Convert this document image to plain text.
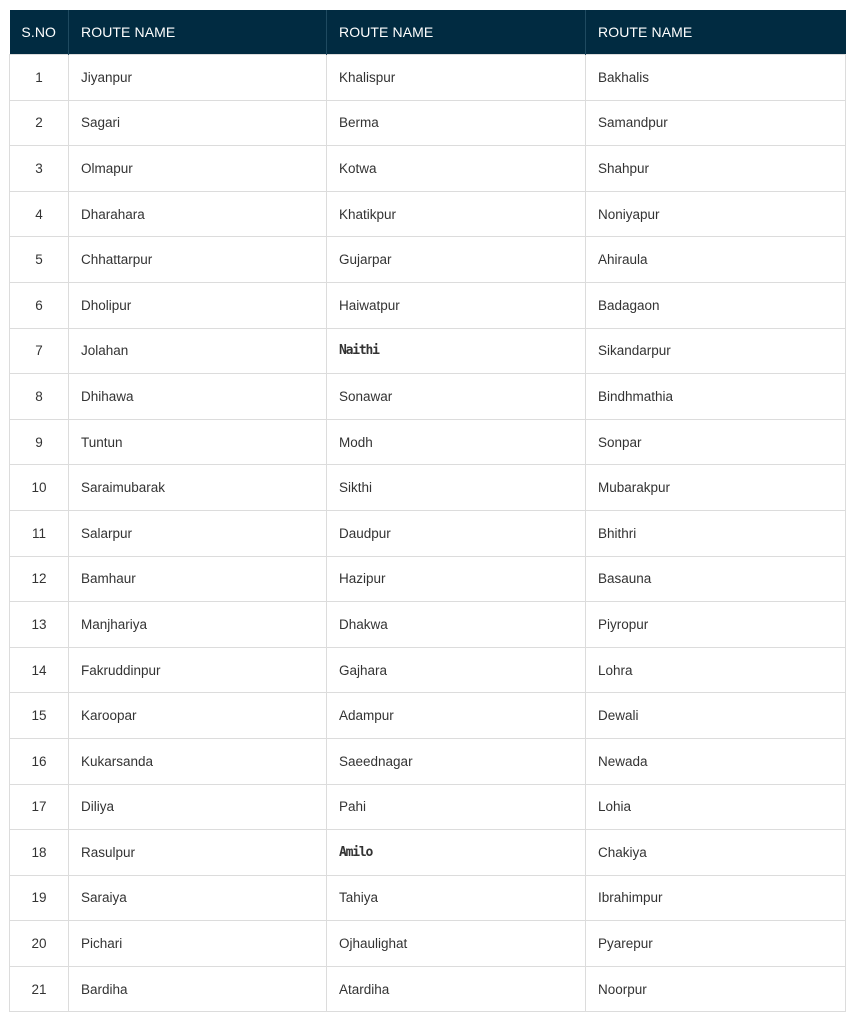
S.NO	ROUTE NAME	ROUTE NAME	ROUTE NAME
1	Jiyanpur	Khalispur	Bakhalis
2	Sagari	Berma	Samandpur
3	Olmapur	Kotwa	Shahpur
4	Dharahara	Khatikpur	Noniyapur
5	Chhattarpur	Gujarpar	Ahiraula
6	Dholipur	Haiwatpur	Badagaon
7	Jolahan	Naithi	Sikandarpur
8	Dhihawa	Sonawar	Bindhmathia
9	Tuntun	Modh	Sonpar
10	Saraimubarak	Sikthi	Mubarakpur
11	Salarpur	Daudpur	Bhithri
12	Bamhaur	Hazipur	Basauna
13	Manjhariya	Dhakwa	Piyropur
14	Fakruddinpur	Gajhara	Lohra
15	Karoopar	Adampur	Dewali
16	Kukarsanda	Saeednagar	Newada
17	Diliya	Pahi	Lohia
18	Rasulpur	Amilo	Chakiya
19	Saraiya	Tahiya	Ibrahimpur
20	Pichari	Ojhaulighat	Pyarepur
21	Bardiha	Atardiha	Noorpur
